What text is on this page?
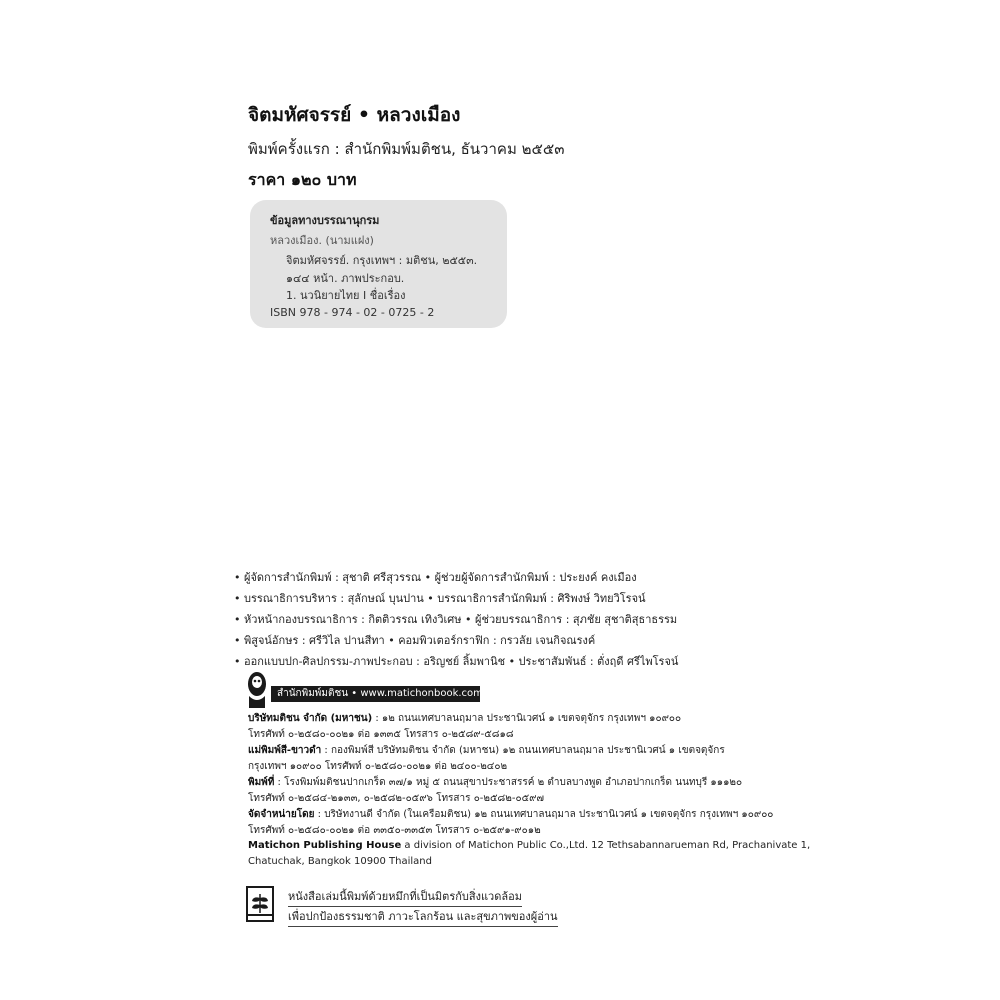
จิตมหัศจรรย์ • หลวงเมือง
พิมพ์ครั้งแรก : สำนักพิมพ์มติชน, ธันวาคม ๒๕๕๓
ราคา ๑๒๐ บาท
ข้อมูลทางบรรณานุกรม
หลวงเมือง. (นามแฝง)
จิตมหัศจรรย์. กรุงเทพฯ : มติชน, ๒๕๕๓.
๑๔๔ หน้า. ภาพประกอบ.
1. นวนิยายไทย I ชื่อเรื่อง
ISBN 978 - 974 - 02 - 0725 - 2
• ผู้จัดการสำนักพิมพ์ : สุชาติ ศรีสุวรรณ • ผู้ช่วยผู้จัดการสำนักพิมพ์ : ประยงค์ คงเมือง
• บรรณาธิการบริหาร : สุลักษณ์ บุนปาน • บรรณาธิการสำนักพิมพ์ : ศิริพงษ์ วิทยวิโรจน์
• หัวหน้ากองบรรณาธิการ : กิตติวรรณ เทิงวิเศษ • ผู้ช่วยบรรณาธิการ : สุภชัย สุชาติสุธาธรรม
• พิสูจน์อักษร : ศรีวิไล ปานสีทา • คอมพิวเตอร์กราฟิก : กรวลัย เจนกิจณรงค์
• ออกแบบปก-ศิลปกรรม-ภาพประกอบ : อริญชย์ ลิ้มพานิช • ประชาสัมพันธ์ : ตั่งฤดี ศรีไพโรจน์
สำนักพิมพ์มติชน • www.matichonbook.com
บริษัทมติชน จำกัด (มหาชน) : ๑๒ ถนนเทศบาลนฤมาล ประชานิเวศน์ ๑ เขตจตุจักร กรุงเทพฯ ๑๐๙๐๐
โทรศัพท์ ๐-๒๕๘๐-๐๐๒๑ ต่อ ๑๓๓๕ โทรสาร ๐-๒๕๘๙-๕๘๑๘
แม่พิมพ์สี-ขาวดำ : กองพิมพ์สี บริษัทมติชน จำกัด (มหาชน) ๑๒ ถนนเทศบาลนฤมาล ประชานิเวศน์ ๑ เขตจตุจักร
กรุงเทพฯ ๑๐๙๐๐ โทรศัพท์ ๐-๒๕๘๐-๐๐๒๑ ต่อ ๒๔๐๐-๒๔๐๒
พิมพ์ที่ : โรงพิมพ์มติชนปากเกร็ด ๓๗/๑ หมู่ ๕ ถนนสุขาประชาสรรค์ ๒ ตำบลบางพูด อำเภอปากเกร็ด นนทบุรี ๑๑๑๒๐
โทรศัพท์ ๐-๒๕๘๔-๒๑๓๓, ๐-๒๕๘๒-๐๕๙๖ โทรสาร ๐-๒๕๘๒-๐๕๙๗
จัดจำหน่ายโดย : บริษัทงานดี จำกัด (ในเครือมติชน) ๑๒ ถนนเทศบาลนฤมาล ประชานิเวศน์ ๑ เขตจตุจักร กรุงเทพฯ ๑๐๙๐๐
โทรศัพท์ ๐-๒๕๘๐-๐๐๒๑ ต่อ ๓๓๕๐-๓๓๕๓ โทรสาร ๐-๒๕๙๑-๙๐๑๒
Matichon Publishing House a division of Matichon Public Co.,Ltd. 12 Tethsabannarueman Rd, Prachanivate 1,
Chatuchak, Bangkok 10900 Thailand
หนังสือเล่มนี้พิมพ์ด้วยหมึกที่เป็นมิตรกับสิ่งแวดล้อม
เพื่อปกป้องธรรมชาติ ภาวะโลกร้อน และสุขภาพของผู้อ่าน
